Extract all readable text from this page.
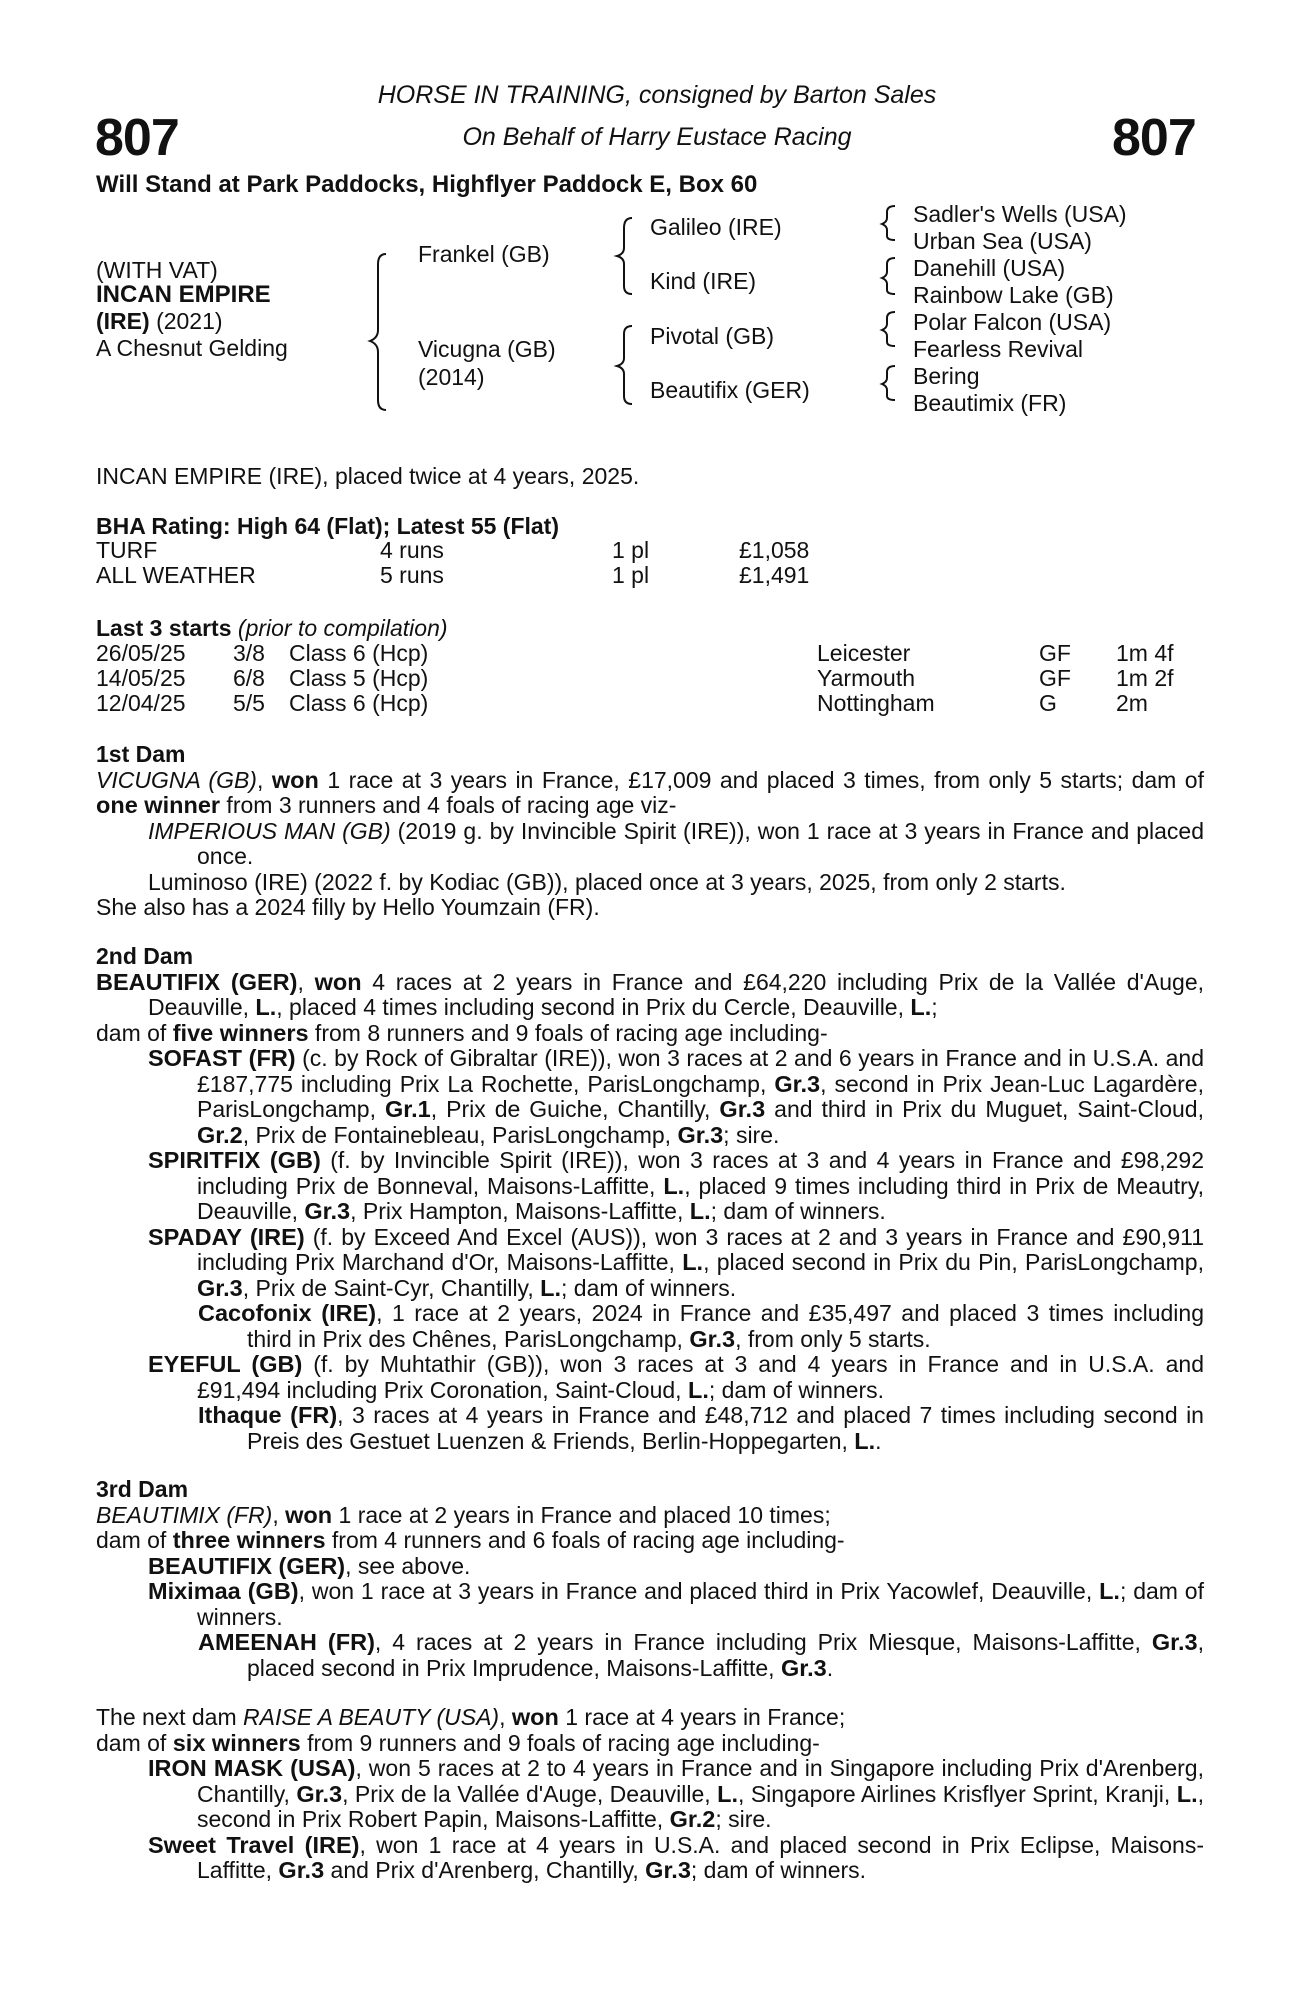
807	807
HORSE IN TRAINING, consigned by Barton Sales
On Behalf of Harry Eustace Racing
Will Stand at Park Paddocks, Highflyer Paddock E, Box 60
(WITH VAT)
INCAN EMPIRE
(IRE) (2021)
A Chesnut Gelding
Frankel (GB)
Vicugna (GB)
(2014)
Galileo (IRE)
Kind (IRE)
Pivotal (GB)
Beautifix (GER)
Sadler's Wells (USA)
Urban Sea (USA)
Danehill (USA)
Rainbow Lake (GB)
Polar Falcon (USA)
Fearless Revival
Bering
Beautimix (FR)
INCAN EMPIRE (IRE), placed twice at 4 years, 2025.
BHA Rating: High 64 (Flat); Latest 55 (Flat)
TURF	4 runs	1 pl	£1,058
ALL WEATHER	5 runs	1 pl	£1,491
Last 3 starts (prior to compilation)
26/05/25 3/8 Class 6 (Hcp)	Leicester	GF 1m 4f
14/05/25 6/8 Class 5 (Hcp)	Yarmouth	GF 1m 2f
12/04/25 5/5 Class 6 (Hcp)	Nottingham	G	2m

1st Dam

VICUGNA (GB), won 1 race at 3 years in France, £17,009 and placed 3 times, from only 5 starts; dam of one winner from 3 runners and 4 foals of racing age viz-

IMPERIOUS MAN (GB) (2019 g. by Invincible Spirit (IRE)), won 1 race at 3 years in France and placed once.

Luminoso (IRE) (2022 f. by Kodiac (GB)), placed once at 3 years, 2025, from only 2 starts.

She also has a 2024 filly by Hello Youmzain (FR).

2nd Dam

BEAUTIFIX (GER), won 4 races at 2 years in France and £64,220 including Prix de la Vallée d'Auge, Deauville, L., placed 4 times including second in Prix du Cercle, Deauville, L.;

dam of five winners from 8 runners and 9 foals of racing age including-

SOFAST (FR) (c. by Rock of Gibraltar (IRE)), won 3 races at 2 and 6 years in France and in U.S.A. and £187,775 including Prix La Rochette, ParisLongchamp, Gr.3, second in Prix Jean-Luc Lagardère, ParisLongchamp, Gr.1, Prix de Guiche, Chantilly, Gr.3 and third in Prix du Muguet, Saint-Cloud, Gr.2, Prix de Fontainebleau, ParisLongchamp, Gr.3; sire.

SPIRITFIX (GB) (f. by Invincible Spirit (IRE)), won 3 races at 3 and 4 years in France and £98,292 including Prix de Bonneval, Maisons-Laffitte, L., placed 9 times including third in Prix de Meautry, Deauville, Gr.3, Prix Hampton, Maisons-Laffitte, L.; dam of winners.

SPADAY (IRE) (f. by Exceed And Excel (AUS)), won 3 races at 2 and 3 years in France and £90,911 including Prix Marchand d'Or, Maisons-Laffitte, L., placed second in Prix du Pin, ParisLongchamp, Gr.3, Prix de Saint-Cyr, Chantilly, L.; dam of winners.

Cacofonix (IRE), 1 race at 2 years, 2024 in France and £35,497 and placed 3 times including third in Prix des Chênes, ParisLongchamp, Gr.3, from only 5 starts.

EYEFUL (GB) (f. by Muhtathir (GB)), won 3 races at 3 and 4 years in France and in U.S.A. and £91,494 including Prix Coronation, Saint-Cloud, L.; dam of winners.

Ithaque (FR), 3 races at 4 years in France and £48,712 and placed 7 times including second in Preis des Gestuet Luenzen & Friends, Berlin-Hoppegarten, L..

3rd Dam

BEAUTIMIX (FR), won 1 race at 2 years in France and placed 10 times;

dam of three winners from 4 runners and 6 foals of racing age including-

BEAUTIFIX (GER), see above.

Miximaa (GB), won 1 race at 3 years in France and placed third in Prix Yacowlef, Deauville, L.; dam of winners.

AMEENAH (FR), 4 races at 2 years in France including Prix Miesque, Maisons-Laffitte, Gr.3, placed second in Prix Imprudence, Maisons-Laffitte, Gr.3.

The next dam RAISE A BEAUTY (USA), won 1 race at 4 years in France;

dam of six winners from 9 runners and 9 foals of racing age including-

IRON MASK (USA), won 5 races at 2 to 4 years in France and in Singapore including Prix d'Arenberg, Chantilly, Gr.3, Prix de la Vallée d'Auge, Deauville, L., Singapore Airlines Krisflyer Sprint, Kranji, L., second in Prix Robert Papin, Maisons-Laffitte, Gr.2; sire.

Sweet Travel (IRE), won 1 race at 4 years in U.S.A. and placed second in Prix Eclipse, Maisons-Laffitte, Gr.3 and Prix d'Arenberg, Chantilly, Gr.3; dam of winners.
